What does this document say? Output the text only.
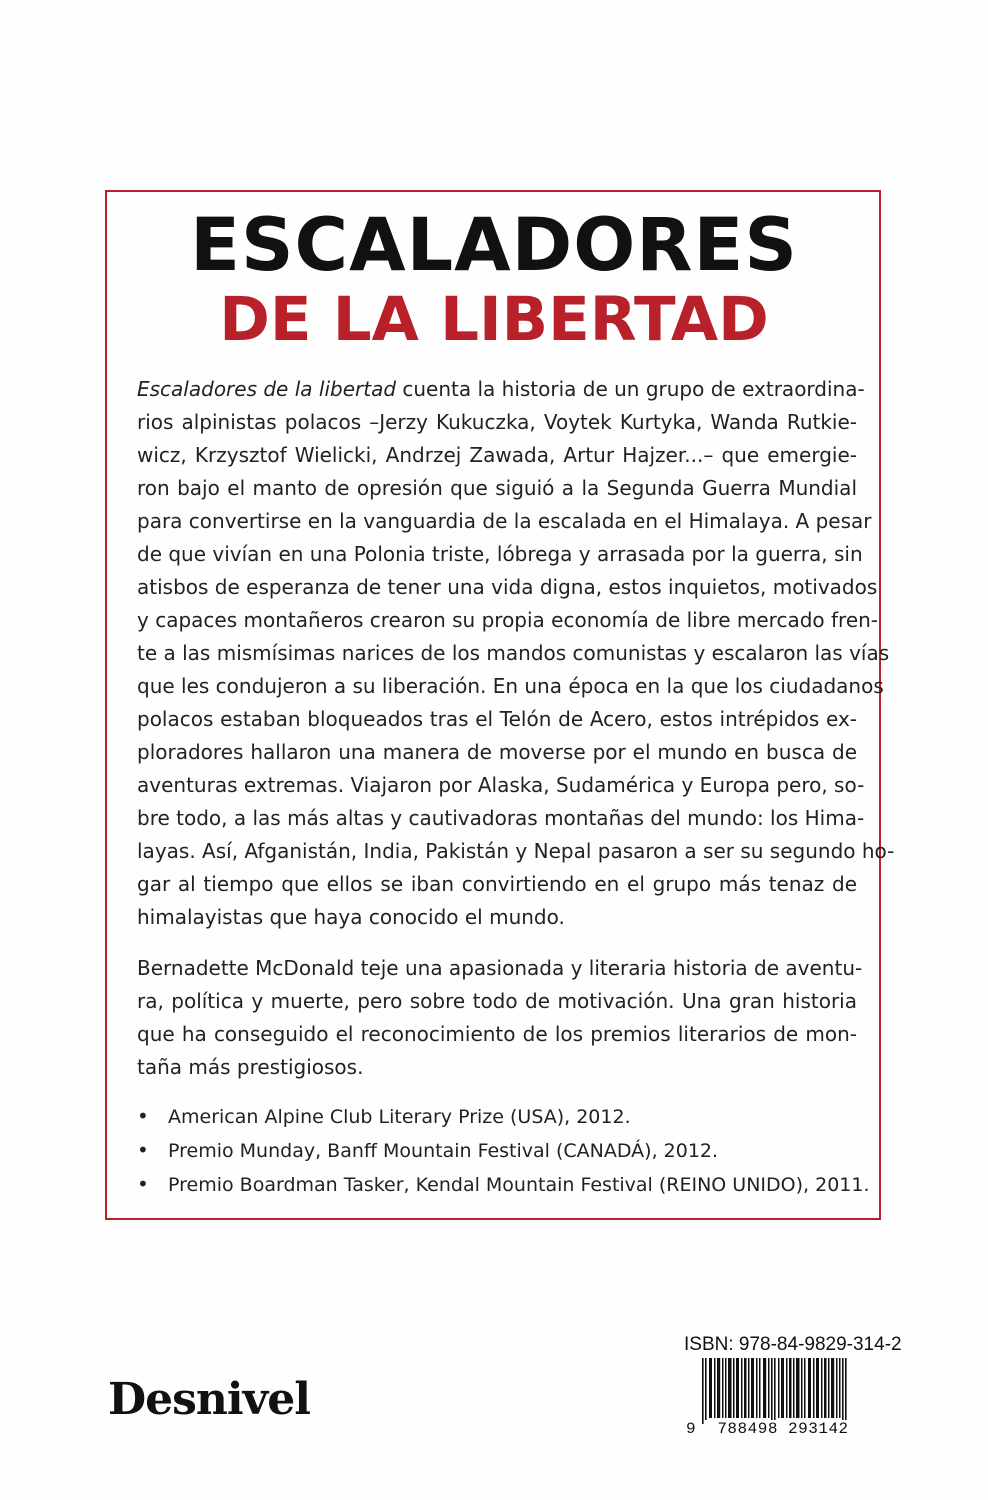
ESCALADORES
DE LA LIBERTAD
Escaladores de la libertad cuenta la historia de un grupo de extraordina-
rios alpinistas polacos –Jerzy Kukuczka, Voytek Kurtyka, Wanda Rutkie-
wicz, Krzysztof Wielicki, Andrzej Zawada, Artur Hajzer...– que emergie-
ron bajo el manto de opresión que siguió a la Segunda Guerra Mundial
para convertirse en la vanguardia de la escalada en el Himalaya. A pesar
de que vivían en una Polonia triste, lóbrega y arrasada por la guerra, sin
atisbos de esperanza de tener una vida digna, estos inquietos, motivados
y capaces montañeros crearon su propia economía de libre mercado fren-
te a las mismísimas narices de los mandos comunistas y escalaron las vías
que les condujeron a su liberación. En una época en la que los ciudadanos
polacos estaban bloqueados tras el Telón de Acero, estos intrépidos ex-
ploradores hallaron una manera de moverse por el mundo en busca de
aventuras extremas. Viajaron por Alaska, Sudamérica y Europa pero, so-
bre todo, a las más altas y cautivadoras montañas del mundo: los Hima-
layas. Así, Afganistán, India, Pakistán y Nepal pasaron a ser su segundo ho-
gar al tiempo que ellos se iban convirtiendo en el grupo más tenaz de
himalayistas que haya conocido el mundo.
Bernadette McDonald teje una apasionada y literaria historia de aventu-
ra, política y muerte, pero sobre todo de motivación. Una gran historia
que ha conseguido el reconocimiento de los premios literarios de mon-
taña más prestigiosos.
• American Alpine Club Literary Prize (USA), 2012.
• Premio Munday, Banff Mountain Festival (CANADÁ), 2012.
• Premio Boardman Tasker, Kendal Mountain Festival (REINO UNIDO), 2011.
Desnivel
ISBN: 978-84-9829-314-2
9	788498 293142
